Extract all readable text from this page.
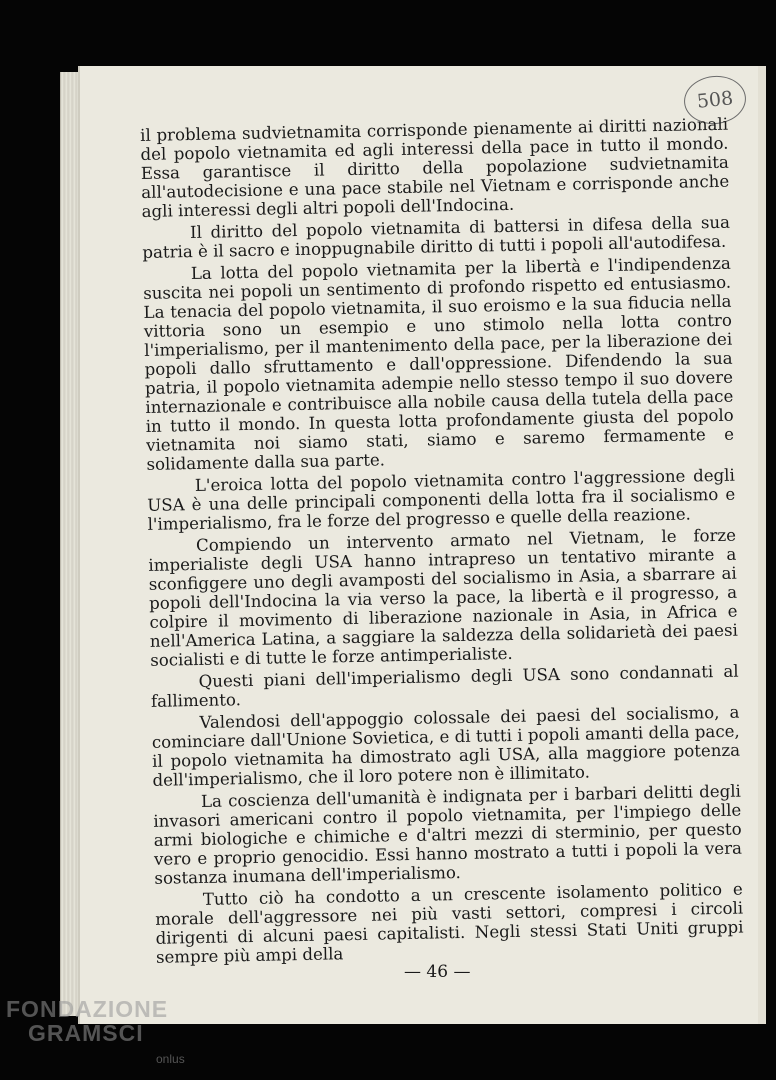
508

il problema sudvietnamita corrisponde pienamente ai diritti nazionali del popolo vietnamita ed agli interessi della pace in tutto il mondo. Essa garantisce il diritto della popolazione sudvietnamita all'autodecisione e una pace stabile nel Vietnam e corrisponde anche agli interessi degli altri popoli dell'Indocina.

Il diritto del popolo vietnamita di battersi in difesa della sua patria è il sacro e inoppugnabile diritto di tutti i popoli all'autodifesa.

La lotta del popolo vietnamita per la libertà e l'indipendenza suscita nei popoli un sentimento di profondo rispetto ed entusiasmo. La tenacia del popolo vietnamita, il suo eroismo e la sua fiducia nella vittoria sono un esempio e uno stimolo nella lotta contro l'imperialismo, per il mantenimento della pace, per la liberazione dei popoli dallo sfruttamento e dall'oppressione. Difendendo la sua patria, il popolo vietnamita adempie nello stesso tempo il suo dovere internazionale e contribuisce alla nobile causa della tutela della pace in tutto il mondo. In questa lotta profondamente giusta del popolo vietnamita noi siamo stati, siamo e saremo fermamente e solidamente dalla sua parte.

L'eroica lotta del popolo vietnamita contro l'aggressione degli USA è una delle principali componenti della lotta fra il socialismo e l'imperialismo, fra le forze del progresso e quelle della reazione.

Compiendo un intervento armato nel Vietnam, le forze imperialiste degli USA hanno intrapreso un tentativo mirante a sconfiggere uno degli avamposti del socialismo in Asia, a sbarrare ai popoli dell'Indocina la via verso la pace, la libertà e il progresso, a colpire il movimento di liberazione nazionale in Asia, in Africa e nell'America Latina, a saggiare la saldezza della solidarietà dei paesi socialisti e di tutte le forze antimperialiste.

Questi piani dell'imperialismo degli USA sono condannati al fallimento.

Valendosi dell'appoggio colossale dei paesi del socialismo, a cominciare dall'Unione Sovietica, e di tutti i popoli amanti della pace, il popolo vietnamita ha dimostrato agli USA, alla maggiore potenza dell'imperialismo, che il loro potere non è illimitato.

La coscienza dell'umanità è indignata per i barbari delitti degli invasori americani contro il popolo vietnamita, per l'impiego delle armi biologiche e chimiche e d'altri mezzi di sterminio, per questo vero e proprio genocidio. Essi hanno mostrato a tutti i popoli la vera sostanza inumana dell'imperialismo.

Tutto ciò ha condotto a un crescente isolamento politico e morale dell'aggressore nei più vasti settori, compresi i circoli dirigenti di alcuni paesi capitalisti. Negli stessi Stati Uniti gruppi sempre più ampi della

— 46 —
FONDAZIONE
GRAMSCI
onlus
